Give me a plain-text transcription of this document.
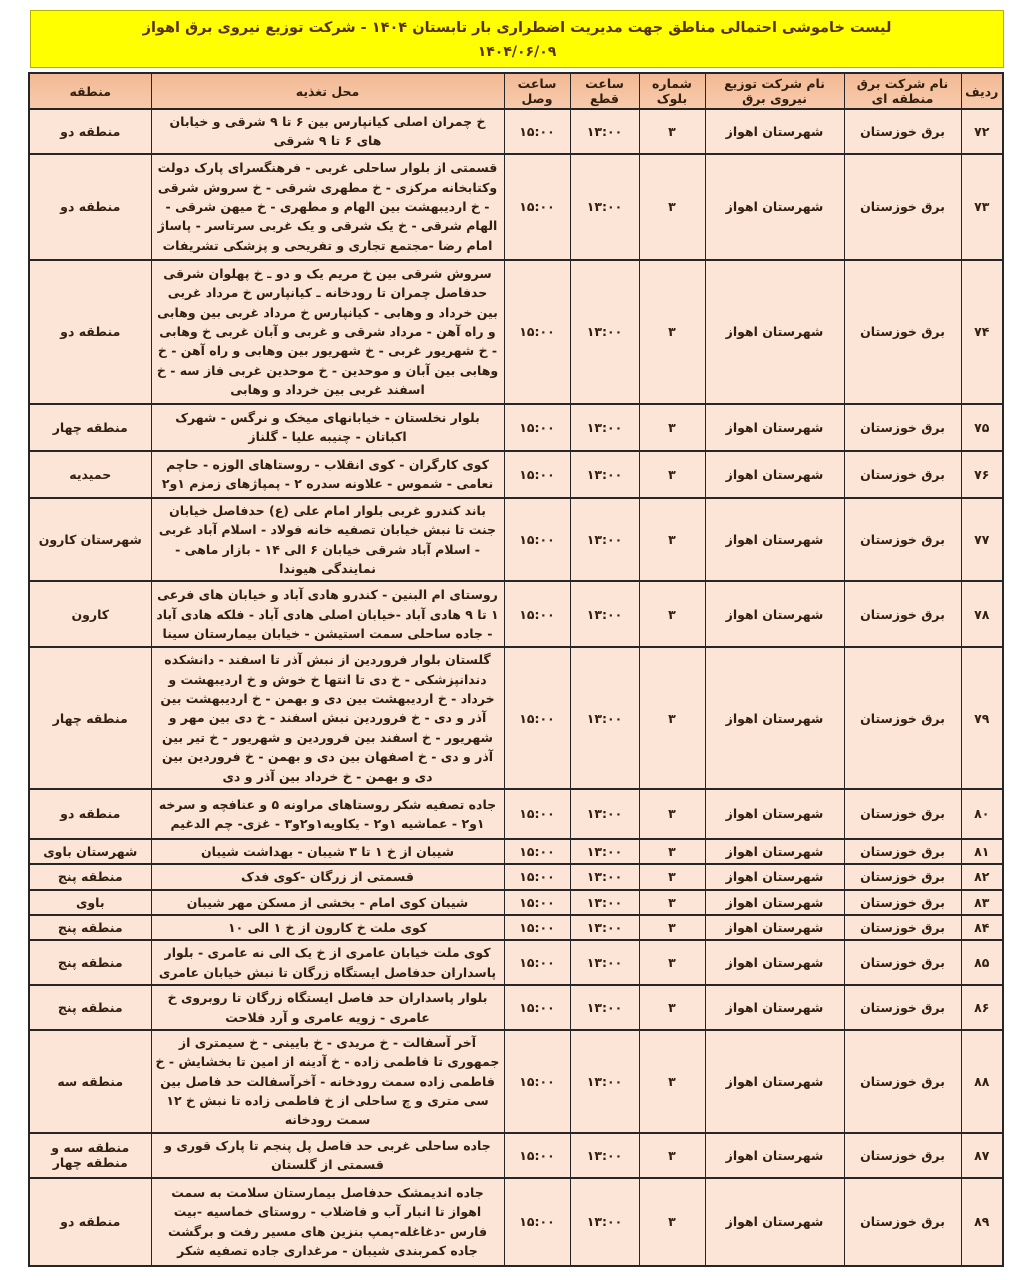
لیست خاموشی احتمالی مناطق جهت مدیریت اضطراری بار تابستان ۱۴۰۴ - شرکت توزیع نیروی برق اهواز
۱۴۰۴/۰۶/۰۹
ردیف	نام شرکت برق منطقه ای	نام شرکت توزیع نیروی برق	شماره بلوک	ساعت قطع	ساعت وصل	محل تغذیه	منطقه
۷۲	برق خوزستان	شهرستان اهواز	۳	۱۳:۰۰	۱۵:۰۰	خ چمران اصلی کیانپارس بین ۶ تا ۹ شرقی و خیابان های ۶ تا ۹ شرقی	منطقه دو
۷۳	برق خوزستان	شهرستان اهواز	۳	۱۳:۰۰	۱۵:۰۰	قسمتی از بلوار ساحلی غربی - فرهنگسرای پارک دولت وکتابخانه مرکزی - خ مطهری شرقی - خ سروش شرقی - خ اردیبهشت بین الهام و مطهری - خ میهن شرقی - الهام شرقی - خ یک شرقی و یک غربی سرتاسر - پاساژ امام رضا -مجتمع تجاری و تفریحی و پزشکی تشریفات	منطقه دو
۷۴	برق خوزستان	شهرستان اهواز	۳	۱۳:۰۰	۱۵:۰۰	سروش شرقی بین خ مریم یک و دو ـ خ پهلوان شرقی حدفاصل چمران تا رودخانه ـ کیانپارس خ مرداد غربی بین خرداد و وهابی - کیانپارس خ مرداد غربی بین وهابی و راه آهن - مرداد شرقی و غربی و آبان غربی خ وهابی - خ شهریور غربی - خ شهریور بین وهابی و راه آهن - خ وهابی بین آبان و موحدین - خ موحدین غربی فاز سه - خ اسفند غربی بین خرداد و وهابی	منطقه دو
۷۵	برق خوزستان	شهرستان اهواز	۳	۱۳:۰۰	۱۵:۰۰	بلوار نخلستان - خیابانهای میخک و نرگس - شهرک اکباتان - چنیبه علیا - گلناز	منطقه چهار
۷۶	برق خوزستان	شهرستان اهواز	۳	۱۳:۰۰	۱۵:۰۰	کوی کارگران - کوی انقلاب - روستاهای الوزه - حاچم نعامی - شموس - علاونه سدره ۲ - پمپاژهای زمزم ۱و۲	حمیدیه
۷۷	برق خوزستان	شهرستان اهواز	۳	۱۳:۰۰	۱۵:۰۰	باند کندرو غربی بلوار امام علی (ع) حدفاصل خیابان جنت تا نبش خیابان تصفیه خانه فولاد - اسلام آباد غربی - اسلام آباد شرقی خیابان ۶ الی ۱۴ - بازار ماهی - نمایندگی هیوندا	شهرستان کارون
۷۸	برق خوزستان	شهرستان اهواز	۳	۱۳:۰۰	۱۵:۰۰	روستای ام البنین - کندرو هادی آباد و خیابان های فرعی ۱ تا ۹ هادی آباد -خیابان اصلی هادی آباد - فلکه هادی آباد - جاده ساحلی سمت استیشن - خیابان بیمارستان سینا	کارون
۷۹	برق خوزستان	شهرستان اهواز	۳	۱۳:۰۰	۱۵:۰۰	گلستان بلوار فروردین از نبش آذر تا اسفند - دانشکده دندانپزشکی - خ دی تا انتها خ خوش و خ اردیبهشت و خرداد - خ اردیبهشت بین دی و بهمن - خ اردیبهشت بین آذر و دی - خ فروردین نبش اسفند - خ دی بین مهر و شهریور - خ اسفند بین فروردین و شهریور - خ تیر بین آذر و دی - خ اصفهان بین دی و بهمن - خ فروردین بین دی و بهمن - خ خرداد بین آذر و دی	منطقه چهار
۸۰	برق خوزستان	شهرستان اهواز	۳	۱۳:۰۰	۱۵:۰۰	جاده تصفیه شکر روستاهای مراونه ۵ و عنافچه و سرخه ۱و۲ - عماشیه ۱و۲ - یکاویه۱و۲و۳ - غزی- چم الدغیم	منطقه دو
۸۱	برق خوزستان	شهرستان اهواز	۳	۱۳:۰۰	۱۵:۰۰	شیبان از خ ۱ تا ۳ شیبان - بهداشت شیبان	شهرستان باوی
۸۲	برق خوزستان	شهرستان اهواز	۳	۱۳:۰۰	۱۵:۰۰	قسمتی از زرگان -کوی فدک	منطقه پنج
۸۳	برق خوزستان	شهرستان اهواز	۳	۱۳:۰۰	۱۵:۰۰	شیبان کوی امام - بخشی از مسکن مهر شیبان	باوی
۸۴	برق خوزستان	شهرستان اهواز	۳	۱۳:۰۰	۱۵:۰۰	کوی ملت خ کارون از خ ۱ الی ۱۰	منطقه پنج
۸۵	برق خوزستان	شهرستان اهواز	۳	۱۳:۰۰	۱۵:۰۰	کوی ملت خیابان عامری از خ یک الی نه عامری - بلوار پاسداران حدفاصل ایستگاه زرگان تا نبش خیابان عامری	منطقه پنج
۸۶	برق خوزستان	شهرستان اهواز	۳	۱۳:۰۰	۱۵:۰۰	بلوار پاسداران حد فاصل ایستگاه زرگان تا روبروی خ عامری - زویه عامری و آرد فلاحت	منطقه پنج
۸۸	برق خوزستان	شهرستان اهواز	۳	۱۳:۰۰	۱۵:۰۰	آخر آسفالت - خ مریدی - خ بایینی - خ سیمتری از جمهوری تا فاطمی زاده - خ آدینه از امین تا بخشایش - خ فاطمی زاده سمت رودخانه - آخرآسفالت حد فاصل بین سی متری و چ ساحلی از خ فاطمی زاده تا نبش خ ۱۲ سمت رودخانه	منطقه سه
۸۷	برق خوزستان	شهرستان اهواز	۳	۱۳:۰۰	۱۵:۰۰	جاده ساحلی غربی حد فاصل پل پنجم تا پارک قوری و قسمتی از گلستان	منطقه سه و منطقه چهار
۸۹	برق خوزستان	شهرستان اهواز	۳	۱۳:۰۰	۱۵:۰۰	جاده اندیمشک حدفاصل بیمارستان سلامت به سمت اهواز تا انبار آب و فاضلاب - روستای خماسیه -بیت فارس -دغاغله-پمپ بنزین های مسیر رفت و برگشت جاده کمربندی شیبان - مرغداری جاده تصفیه شکر	منطقه دو
